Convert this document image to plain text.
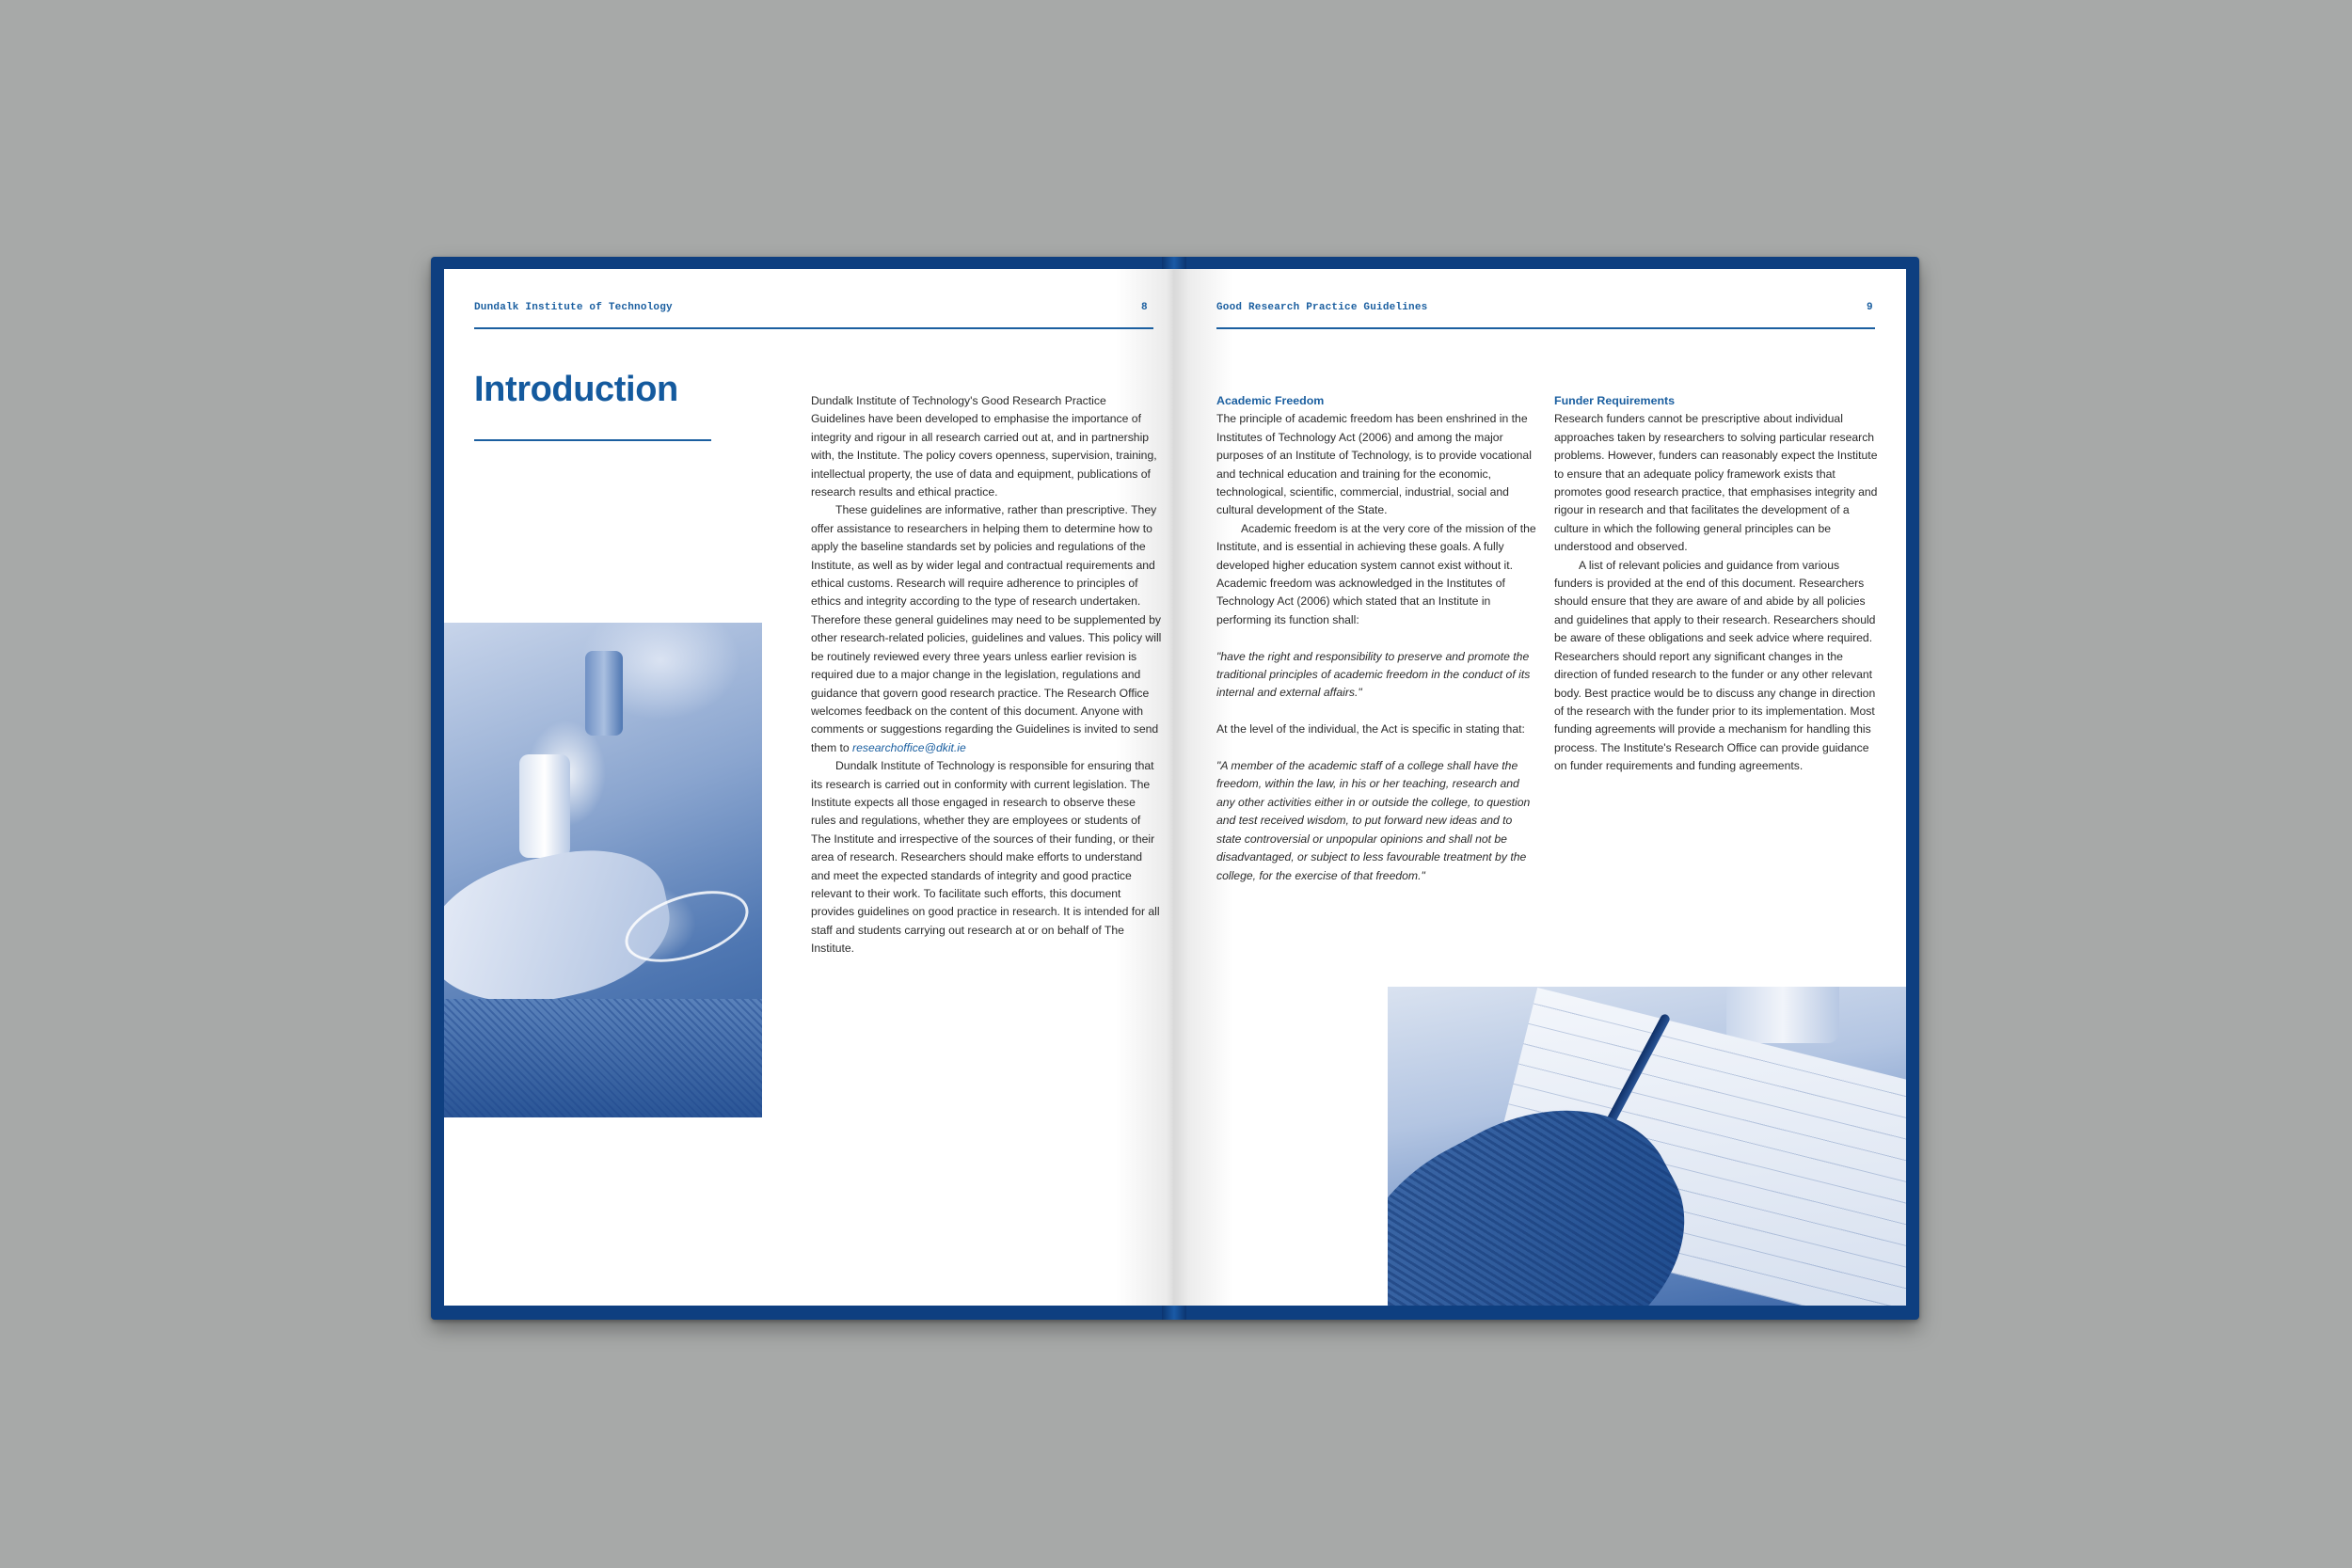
Dundalk Institute of Technology	8
Introduction	Dundalk Institute of Technology's Good Research Practice Guidelines have been developed to emphasise the importance of integrity and rigour in all research carried out at, and in partnership with, the Institute. The policy covers openness, supervision, training, intellectual property, the use of data and equipment, publications of research results and ethical practice.

These guidelines are informative, rather than prescriptive. They offer assistance to researchers in helping them to determine how to apply the baseline standards set by policies and regulations of the Institute, as well as by wider legal and contractual requirements and ethical customs. Research will require adherence to principles of ethics and integrity according to the type of research undertaken. Therefore these general guidelines may need to be supplemented by other research-related policies, guidelines and values. This policy will be routinely reviewed every three years unless earlier revision is required due to a major change in the legislation, regulations and guidance that govern good research practice. The Research Office welcomes feedback on the content of this document. Anyone with comments or suggestions regarding the Guidelines is invited to send them to researchoffice@dkit.ie

Dundalk Institute of Technology is responsible for ensuring that its research is carried out in conformity with current legislation. The Institute expects all those engaged in research to observe these rules and regulations, whether they are employees or students of The Institute and irrespective of the sources of their funding, or their area of research. Researchers should make efforts to understand and meet the expected standards of integrity and good practice relevant to their work. To facilitate such efforts, this document provides guidelines on good practice in research. It is intended for all staff and students carrying out research at or on behalf of The Institute.

Good Research Practice Guidelines	9
Academic Freedom

The principle of academic freedom has been enshrined in the Institutes of Technology Act (2006) and among the major purposes of an Institute of Technology, is to provide vocational and technical education and training for the economic, technological, scientific, commercial, industrial, social and cultural development of the State.

Academic freedom is at the very core of the mission of the Institute, and is essential in achieving these goals. A fully developed higher education system cannot exist without it. Academic freedom was acknowledged in the Institutes of Technology Act (2006) which stated that an Institute in performing its function shall:

"have the right and responsibility to preserve and promote the traditional principles of academic freedom in the conduct of its internal and external affairs."

At the level of the individual, the Act is specific in stating that:

"A member of the academic staff of a college shall have the freedom, within the law, in his or her teaching, research and any other activities either in or outside the college, to question and test received wisdom, to put forward new ideas and to state controversial or unpopular opinions and shall not be disadvantaged, or subject to less favourable treatment by the college, for the exercise of that freedom."

Funder Requirements

Research funders cannot be prescriptive about individual approaches taken by researchers to solving particular research problems. However, funders can reasonably expect the Institute to ensure that an adequate policy framework exists that promotes good research practice, that emphasises integrity and rigour in research and that facilitates the development of a culture in which the following general principles can be understood and observed.

A list of relevant policies and guidance from various funders is provided at the end of this document. Researchers should ensure that they are aware of and abide by all policies and guidelines that apply to their research. Researchers should be aware of these obligations and seek advice where required. Researchers should report any significant changes in the direction of funded research to the funder or any other relevant body. Best practice would be to discuss any change in direction of the research with the funder prior to its implementation. Most funding agreements will provide a mechanism for handling this process. The Institute's Research Office can provide guidance on funder requirements and funding agreements.
